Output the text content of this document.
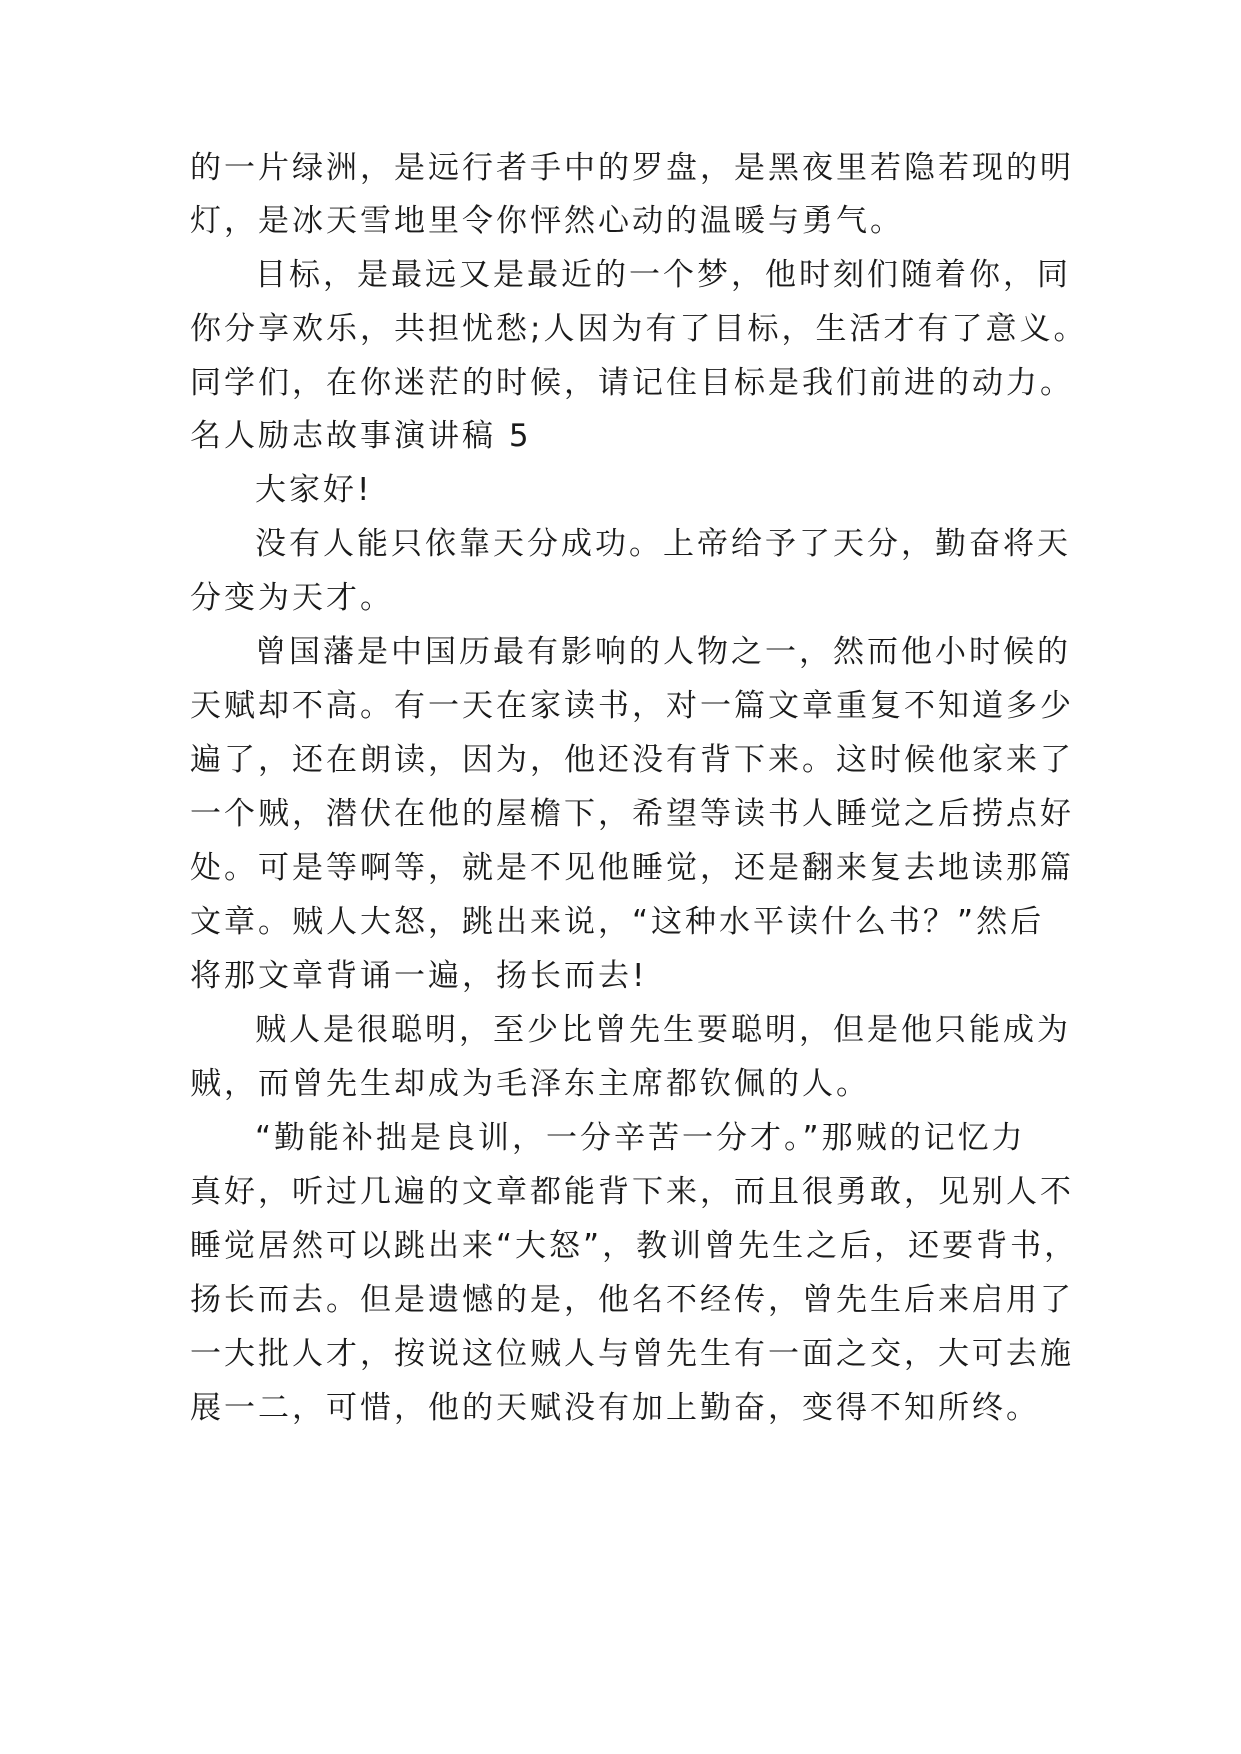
的一片绿洲，是远行者手中的罗盘，是黑夜里若隐若现的明
灯，是冰天雪地里令你怦然心动的温暖与勇气。
目标，是最远又是最近的一个梦，他时刻们随着你，同
你分享欢乐，共担忧愁;人因为有了目标，生活才有了意义。
同学们，在你迷茫的时候，请记住目标是我们前进的动力。
名人励志故事演讲稿 5
大家好!
没有人能只依靠天分成功。上帝给予了天分，勤奋将天
分变为天才。
曾国藩是中国历最有影响的人物之一，然而他小时候的
天赋却不高。有一天在家读书，对一篇文章重复不知道多少
遍了，还在朗读，因为，他还没有背下来。这时候他家来了
一个贼，潜伏在他的屋檐下，希望等读书人睡觉之后捞点好
处。可是等啊等，就是不见他睡觉，还是翻来复去地读那篇
文章。贼人大怒，跳出来说，“这种水平读什么书？”然后
将那文章背诵一遍，扬长而去!
贼人是很聪明，至少比曾先生要聪明，但是他只能成为
贼，而曾先生却成为毛泽东主席都钦佩的人。
“勤能补拙是良训，一分辛苦一分才。”那贼的记忆力
真好，听过几遍的文章都能背下来，而且很勇敢，见别人不
睡觉居然可以跳出来“大怒”，教训曾先生之后，还要背书，
扬长而去。但是遗憾的是，他名不经传，曾先生后来启用了
一大批人才，按说这位贼人与曾先生有一面之交，大可去施
展一二，可惜，他的天赋没有加上勤奋，变得不知所终。
